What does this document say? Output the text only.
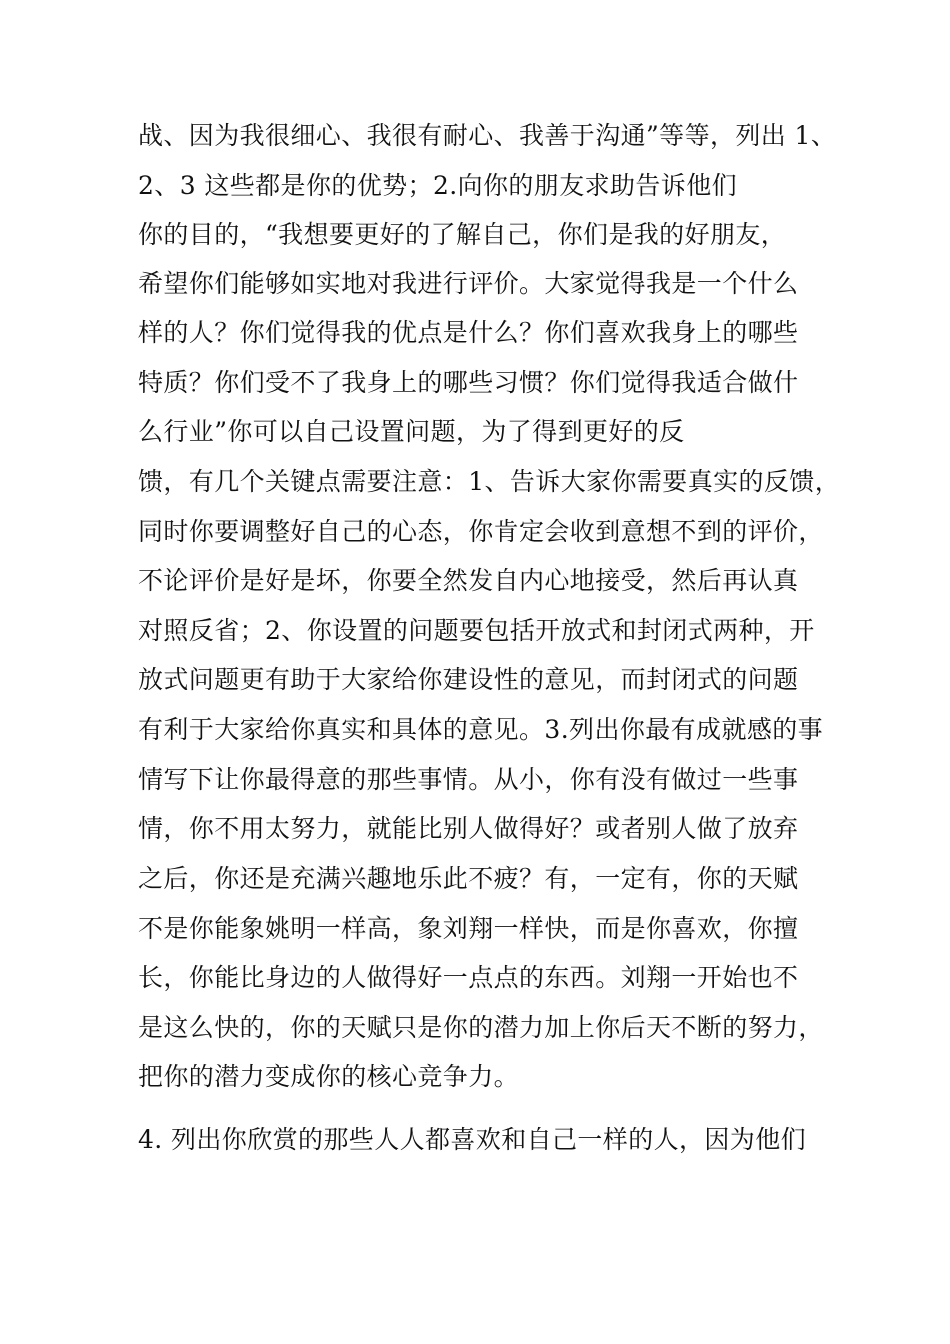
战、因为我很细心、我很有耐心、我善于沟通”等等，列出 1、
2、3 这些都是你的优势；2.向你的朋友求助告诉他们
你的目的，“我想要更好的了解自己，你们是我的好朋友，
希望你们能够如实地对我进行评价。大家觉得我是一个什么
样的人？你们觉得我的优点是什么？你们喜欢我身上的哪些
特质？你们受不了我身上的哪些习惯？你们觉得我适合做什
么行业”你可以自己设置问题，为了得到更好的反
馈，有几个关键点需要注意：1、告诉大家你需要真实的反馈，
同时你要调整好自己的心态，你肯定会收到意想不到的评价，
不论评价是好是坏，你要全然发自内心地接受，然后再认真
对照反省；2、你设置的问题要包括开放式和封闭式两种，开
放式问题更有助于大家给你建设性的意见，而封闭式的问题
有利于大家给你真实和具体的意见。3.列出你最有成就感的事
情写下让你最得意的那些事情。从小，你有没有做过一些事
情，你不用太努力，就能比别人做得好？或者别人做了放弃
之后，你还是充满兴趣地乐此不疲？有，一定有，你的天赋
不是你能象姚明一样高，象刘翔一样快，而是你喜欢，你擅
长，你能比身边的人做得好一点点的东西。刘翔一开始也不
是这么快的，你的天赋只是你的潜力加上你后天不断的努力，
把你的潜力变成你的核心竞争力。
4. 列出你欣赏的那些人人都喜欢和自己一样的人，因为他们
